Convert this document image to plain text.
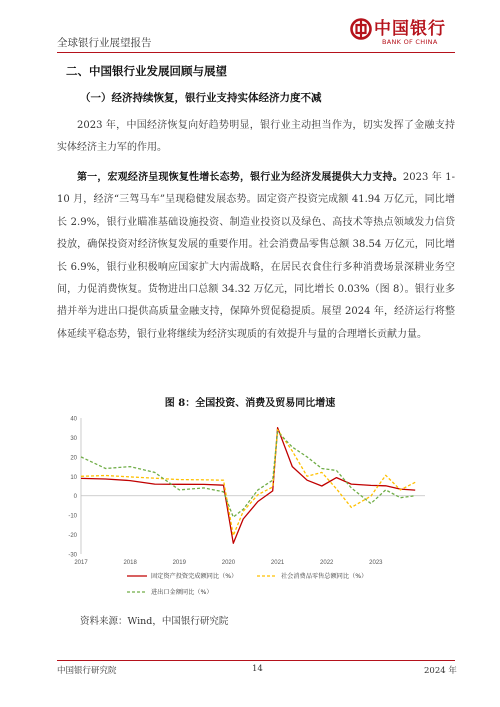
全球银行业展望报告
中国银行
BANK OF CHINA
二、中国银行业发展回顾与展望
（一）经济持续恢复，银行业支持实体经济力度不减

2023 年，中国经济恢复向好趋势明显，银行业主动担当作为，切实发挥了金融支持实体经济主力军的作用。

第一，宏观经济呈现恢复性增长态势，银行业为经济发展提供大力支持。2023 年 1-10 月，经济“三驾马车”呈现稳健发展态势。固定资产投资完成额 41.94 万亿元，同比增长 2.9%，银行业瞄准基础设施投资、制造业投资以及绿色、高技术等热点领域发力信贷投放，确保投资对经济恢复发展的重要作用。社会消费品零售总额 38.54 万亿元，同比增长 6.9%，银行业积极响应国家扩大内需战略，在居民衣食住行多种消费场景深耕业务空间，力促消费恢复。货物进出口总额 34.32 万亿元，同比增长 0.03%（图 8）。银行业多措并举为进出口提供高质量金融支持，保障外贸促稳提质。展望 2024 年，经济运行将整体延续平稳态势，银行业将继续为经济实现质的有效提升与量的合理增长贡献力量。

图 8：全国投资、消费及贸易同比增速
-30
-20
-10
0
10
20
30
40
2017	2018	2019	2020	2021	2022	2023
固定资产投资完成额同比（%）	社会消费品零售总额同比（%）
进出口金额同比（%）
资料来源：Wind，中国银行研究院
中国银行研究院	14	2024 年
